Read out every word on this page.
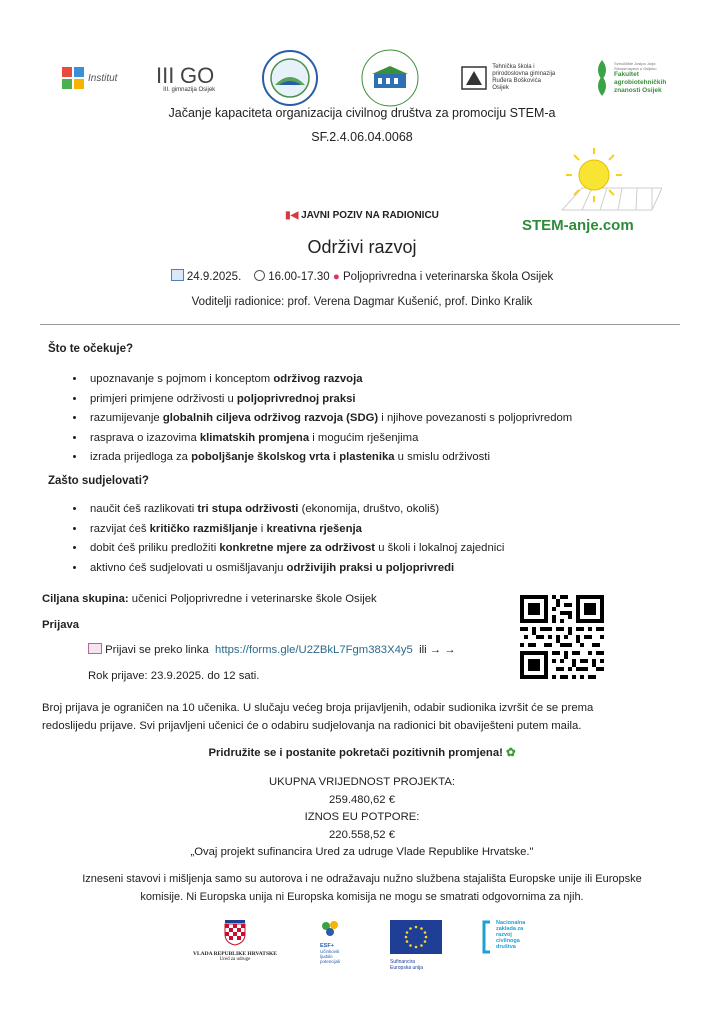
Institut III GO
III. gimnazija Osijek
Tehnička škola i
prirodoslovna gimnazija
Ruđera Boškovića
Osijek
Sveučilište Josipa Jurja Strossmayera u Osijeku
Fakultet
agrobiotehničkih
znanosti Osijek
Jačanje kapaciteta organizacija civilnog društva za promociju STEM-a
SF.2.4.06.04.0068
STEM-anje.com
▮◀ JAVNI POZIV NA RADIONICU
Održivi razvoj
24.9.2025. 16.00-17.30 ● Poljoprivredna i veterinarska škola Osijek
Voditelji radionice: prof. Verena Dagmar Kušenić, prof. Dinko Kralik
Što te očekuje?
• upoznavanje s pojmom i konceptom održivog razvoja
• primjeri primjene održivosti u poljoprivrednoj praksi
• razumijevanje globalnih ciljeva održivog razvoja (SDG) i njihove povezanosti s poljoprivredom
• rasprava o izazovima klimatskih promjena i mogućim rješenjima
• izrada prijedloga za poboljšanje školskog vrta i plastenika u smislu održivosti
Zašto sudjelovati?
• naučit ćeš razlikovati tri stupa održivosti (ekonomija, društvo, okoliš)
• razvijat ćeš kritičko razmišljanje i kreativna rješenja
• dobit ćeš priliku predložiti konkretne mjere za održivost u školi i lokalnoj zajednici
• aktivno ćeš sudjelovati u osmišljavanju održivijih praksi u poljoprivredi
Ciljana skupina: učenici Poljoprivredne i veterinarske škole Osijek
Prijava
Prijavi se preko linka https://forms.gle/U2ZBkL7Fgm383X4y5 ili → →
Rok prijave: 23.9.2025. do 12 sati.
Broj prijava je ograničen na 10 učenika. U slučaju većeg broja prijavljenih, odabir sudionika izvršit će se prema
redoslijedu prijave. Svi prijavljeni učenici će o odabiru sudjelovanja na radionici bit obaviješteni putem maila.
Pridružite se i postanite pokretači pozitivnih promjena! ✿
UKUPNA VRIJEDNOST PROJEKTA:
259.480,62 €
IZNOS EU POTPORE:
220.558,52 €
„Ovaj projekt sufinancira Ured za udruge Vlade Republike Hrvatske."
Izneseni stavovi i mišljenja samo su autorova i ne odražavaju nužno službena stajališta Europske unije ili Europske
komisije. Ni Europska unija ni Europska komisija ne mogu se smatrati odgovornima za njih.
VLADA REPUBLIKE HRVATSKE
Ured za udruge
ESF+
Učinkoviti
ljudski
potencijali	Sufinancira
Europska unija
Nacionalna
zaklada za
razvoj
civilnoga
društva
